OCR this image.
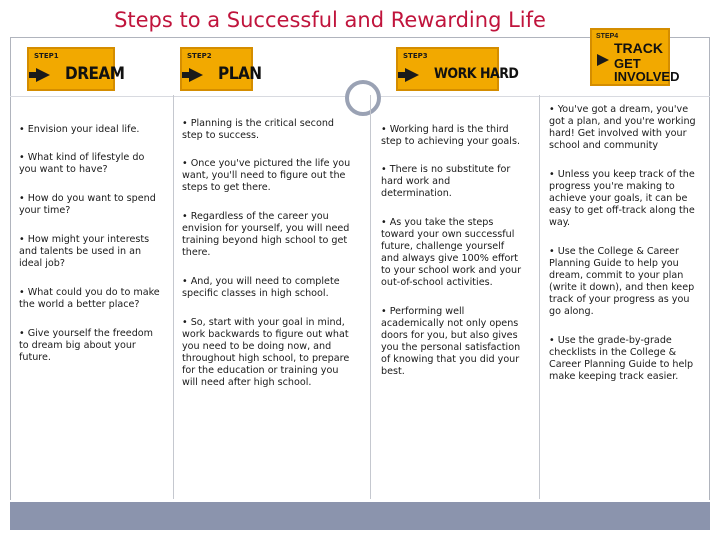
Steps to a Successful and Rewarding Life
STEP1
DREAM
STEP2
PLAN
STEP3
WORK HARD
STEP4
TRACK
GET INVOLVED

• Envision your ideal life.

• What kind of lifestyle do you want to have?

• How do you want to spend your time?

• How might your interests and talents be used in an ideal job?

• What could you do to make the world a better place?

• Give yourself the freedom to dream big about your future.

• Planning is the critical second step to success.

• Once you've pictured the life you want, you'll need to figure out the steps to get there.

• Regardless of the career you envision for yourself, you will need training beyond high school to get there.

• And, you will need to complete specific classes in high school.

• So, start with your goal in mind, work backwards to figure out what you need to be doing now, and throughout high school, to prepare for the education or training you will need after high school.

• Working hard is the third step to achieving your goals.

• There is no substitute for hard work and determination.

• As you take the steps toward your own successful future, challenge yourself and always give 100% effort to your school work and your out-of-school activities.

• Performing well academically not only opens doors for you, but also gives you the personal satisfaction of knowing that you did your best.

• You've got a dream, you've got a plan, and you're working hard! Get involved with your school and community

• Unless you keep track of the progress you're making to achieve your goals, it can be easy to get off-track along the way.

• Use the College & Career Planning Guide to help you dream, commit to your plan (write it down), and then keep track of your progress as you go along.

• Use the grade-by-grade checklists in the College & Career Planning Guide to help make keeping track easier.
